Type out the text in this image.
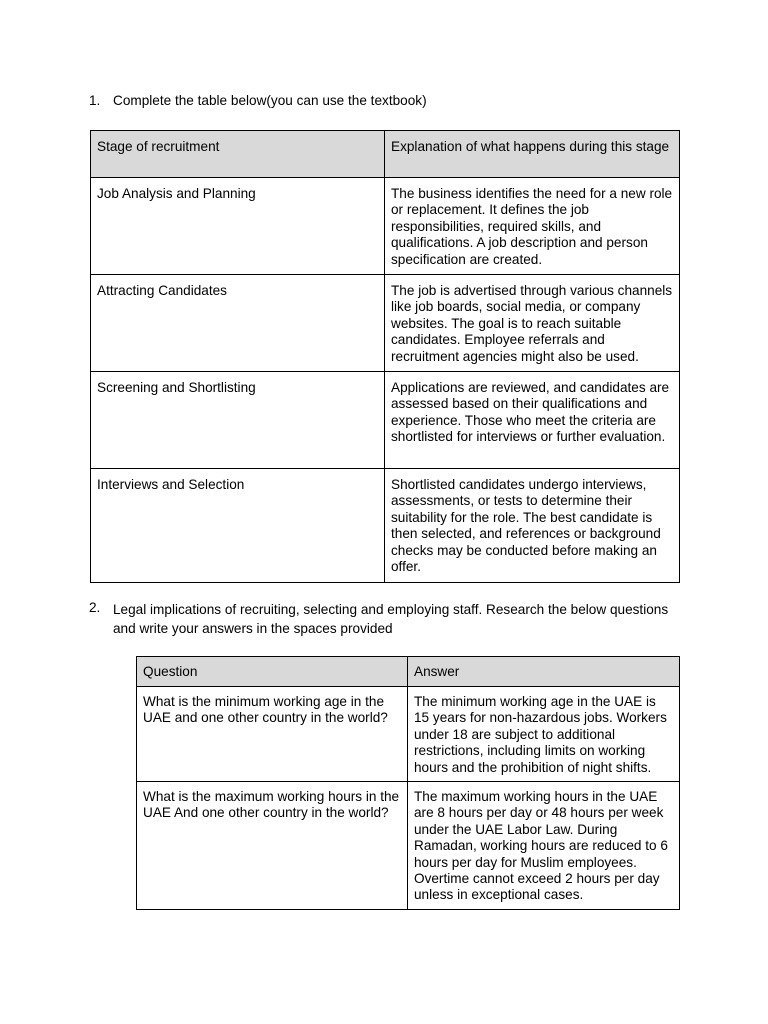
1. Complete the table below(you can use the textbook)
Stage of recruitment	Explanation of what happens during this stage
Job Analysis and Planning	The business identifies the need for a new role or replacement. It defines the job responsibilities, required skills, and qualifications. A job description and person specification are created.
Attracting Candidates	The job is advertised through various channels like job boards, social media, or company websites. The goal is to reach suitable candidates. Employee referrals and recruitment agencies might also be used.
Screening and Shortlisting	Applications are reviewed, and candidates are assessed based on their qualifications and experience. Those who meet the criteria are shortlisted for interviews or further evaluation.
Interviews and Selection	Shortlisted candidates undergo interviews, assessments, or tests to determine their suitability for the role. The best candidate is then selected, and references or background checks may be conducted before making an offer.
2. Legal implications of recruiting, selecting and employing staff. Research the below questions and write your answers in the spaces provided
Question	Answer
What is the minimum working age in the UAE and one other country in the world?	The minimum working age in the UAE is 15 years for non-hazardous jobs. Workers under 18 are subject to additional restrictions, including limits on working hours and the prohibition of night shifts.
What is the maximum working hours in the UAE And one other country in the world?	The maximum working hours in the UAE are 8 hours per day or 48 hours per week under the UAE Labor Law. During Ramadan, working hours are reduced to 6 hours per day for Muslim employees. Overtime cannot exceed 2 hours per day unless in exceptional cases.
